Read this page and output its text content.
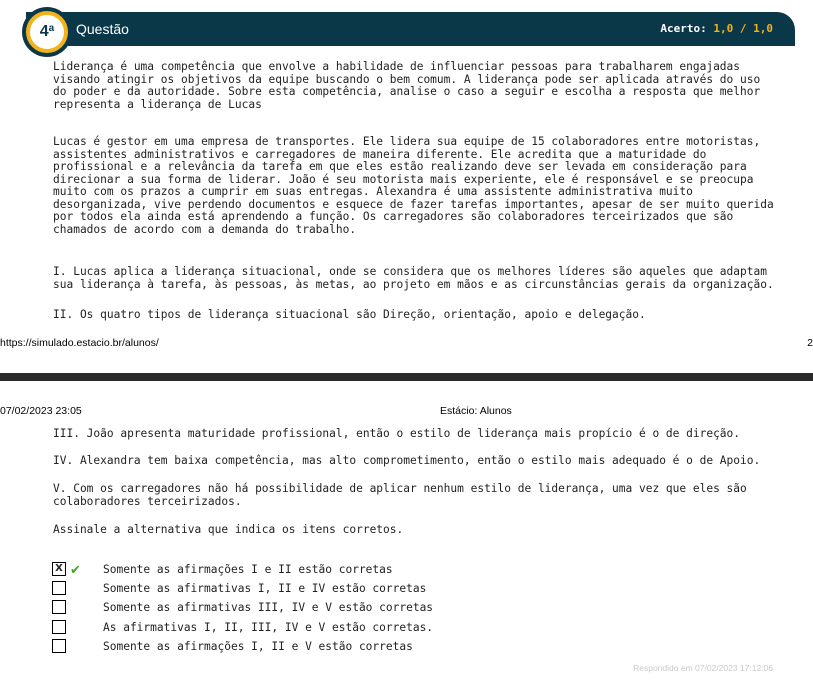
4$^a$ Questão	Acerto: 1,0 / 1,0

Liderança é uma competência que envolve a habilidade de influenciar pessoas para trabalharem engajadas visando atingir os objetivos da equipe buscando o bem comum. A liderança pode ser aplicada através do uso do poder e da autoridade. Sobre esta competência, analise o caso a seguir e escolha a resposta que melhor representa a liderança de Lucas

Lucas é gestor em uma empresa de transportes. Ele lidera sua equipe de 15 colaboradores entre motoristas, assistentes administrativos e carregadores de maneira diferente. Ele acredita que a maturidade do profissional e a relevância da tarefa em que eles estão realizando deve ser levada em consideração para direcionar a sua forma de liderar. João é seu motorista mais experiente, ele é responsável e se preocupa muito com os prazos a cumprir em suas entregas. Alexandra é uma assistente administrativa muito desorganizada, vive perdendo documentos e esquece de fazer tarefas importantes, apesar de ser muito querida por todos ela ainda está aprendendo a função. Os carregadores são colaboradores terceirizados que são chamados de acordo com a demanda do trabalho.

I. Lucas aplica a liderança situacional, onde se considera que os melhores líderes são aqueles que adaptam sua liderança à tarefa, às pessoas, às metas, ao projeto em mãos e as circunstâncias gerais da organização.

II. Os quatro tipos de liderança situacional são Direção, orientação, apoio e delegação.

https://simulado.estacio.br/alunos/	2
07/02/2023 23:05	Estácio: Alunos

III. João apresenta maturidade profissional, então o estilo de liderança mais propício é o de direção.

IV. Alexandra tem baixa competência, mas alto comprometimento, então o estilo mais adequado é o de Apoio.

V. Com os carregadores não há possibilidade de aplicar nenhum estilo de liderança, uma vez que eles são colaboradores terceirizados.

Assinale a alternativa que indica os itens corretos.

X ✔ Somente as afirmações I e II estão corretas
Somente as afirmativas I, II e IV estão corretas
Somente as afirmativas III, IV e V estão corretas
As afirmativas I, II, III, IV e V estão corretas.
Somente as afirmações I, II e V estão corretas
Respondido em 07/02/2023 17:12:06
